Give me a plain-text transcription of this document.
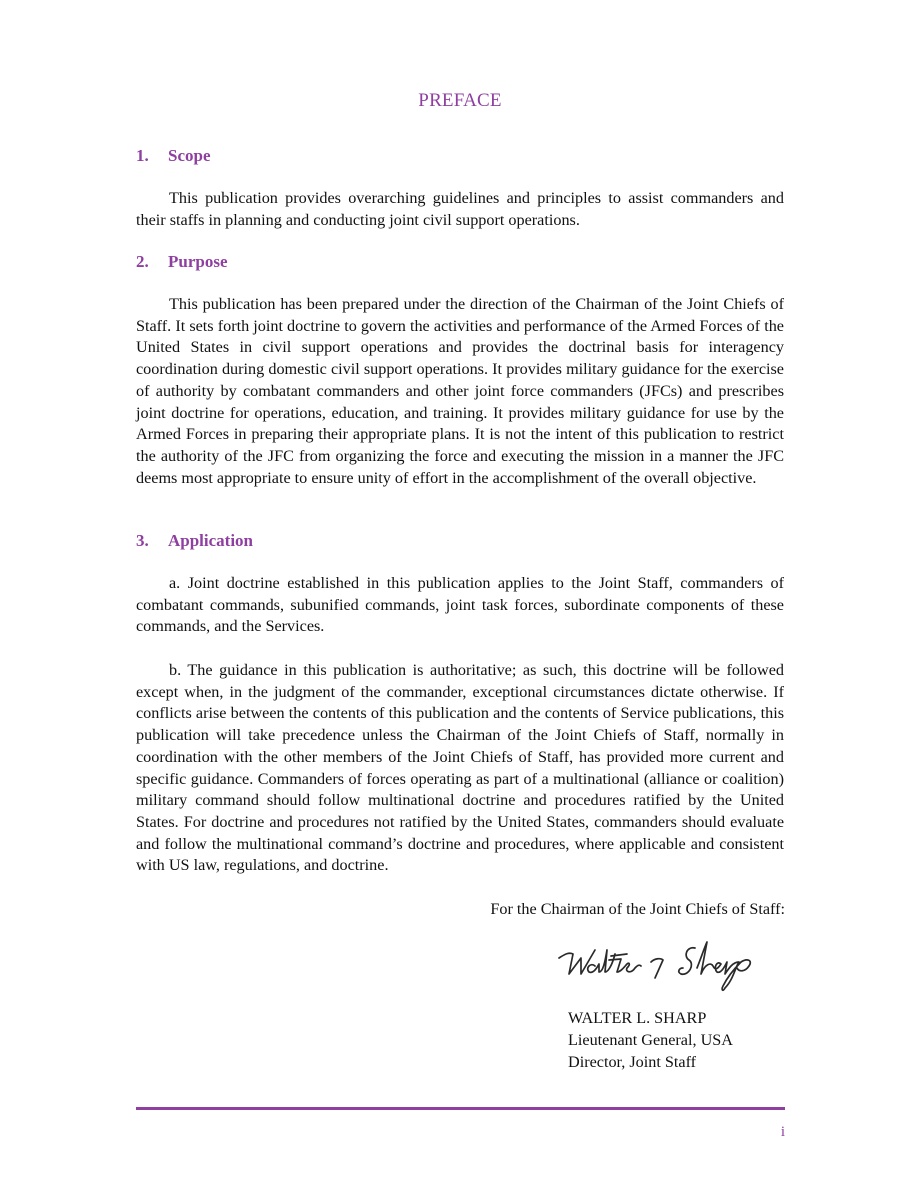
PREFACE
1. Scope
This publication provides overarching guidelines and principles to assist commanders and their staffs in planning and conducting joint civil support operations.
2. Purpose
This publication has been prepared under the direction of the Chairman of the Joint Chiefs of Staff. It sets forth joint doctrine to govern the activities and performance of the Armed Forces of the United States in civil support operations and provides the doctrinal basis for interagency coordination during domestic civil support operations. It provides military guidance for the exercise of authority by combatant commanders and other joint force commanders (JFCs) and prescribes joint doctrine for operations, education, and training. It provides military guidance for use by the Armed Forces in preparing their appropriate plans. It is not the intent of this publication to restrict the authority of the JFC from organizing the force and executing the mission in a manner the JFC deems most appropriate to ensure unity of effort in the accomplishment of the overall objective.
3. Application
a. Joint doctrine established in this publication applies to the Joint Staff, commanders of combatant commands, subunified commands, joint task forces, subordinate components of these commands, and the Services.
b. The guidance in this publication is authoritative; as such, this doctrine will be followed except when, in the judgment of the commander, exceptional circumstances dictate otherwise. If conflicts arise between the contents of this publication and the contents of Service publications, this publication will take precedence unless the Chairman of the Joint Chiefs of Staff, normally in coordination with the other members of the Joint Chiefs of Staff, has provided more current and specific guidance. Commanders of forces operating as part of a multinational (alliance or coalition) military command should follow multinational doctrine and procedures ratified by the United States. For doctrine and procedures not ratified by the United States, commanders should evaluate and follow the multinational command’s doctrine and procedures, where applicable and consistent with US law, regulations, and doctrine.
For the Chairman of the Joint Chiefs of Staff:
WALTER L. SHARP
Lieutenant General, USA
Director, Joint Staff
i
